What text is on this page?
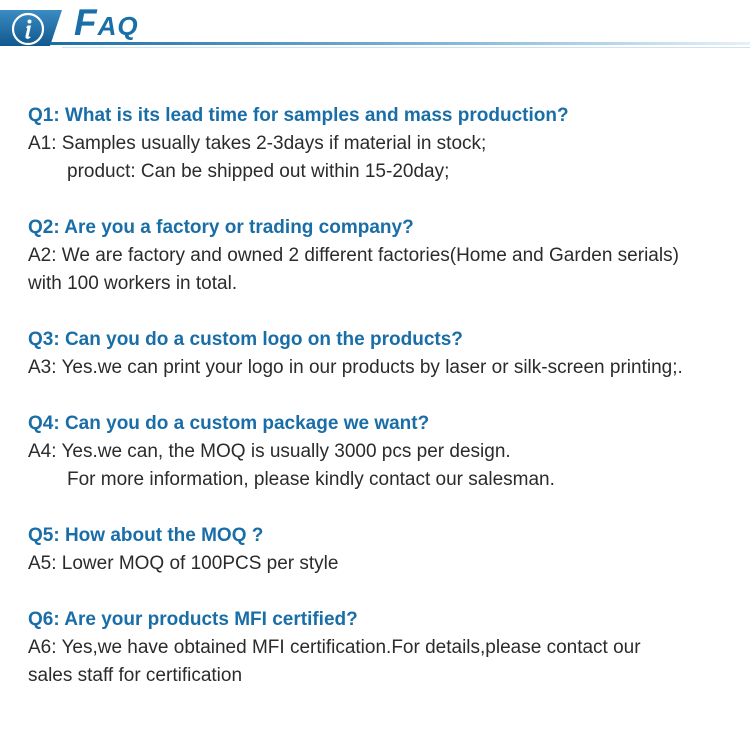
FAQ
Q1: What is its lead time for samples and mass production?
A1: Samples usually takes 2-3days if material in stock;
product: Can be shipped out within 15-20day;
Q2: Are you a factory or trading company?
A2: We are factory and owned 2 different factories(Home and Garden serials)
with 100 workers in total.
Q3: Can you do a custom logo on the products?
A3: Yes.we can print your logo in our products by laser or silk-screen printing;.
Q4: Can you do a custom package we want?
A4: Yes.we can, the MOQ is usually 3000 pcs per design.
For more information, please kindly contact our salesman.
Q5: How about the MOQ ?
A5: Lower MOQ of 100PCS per style
Q6: Are your products MFI certified?
A6: Yes,we have obtained MFI certification.For details,please contact our
sales staff for certification
